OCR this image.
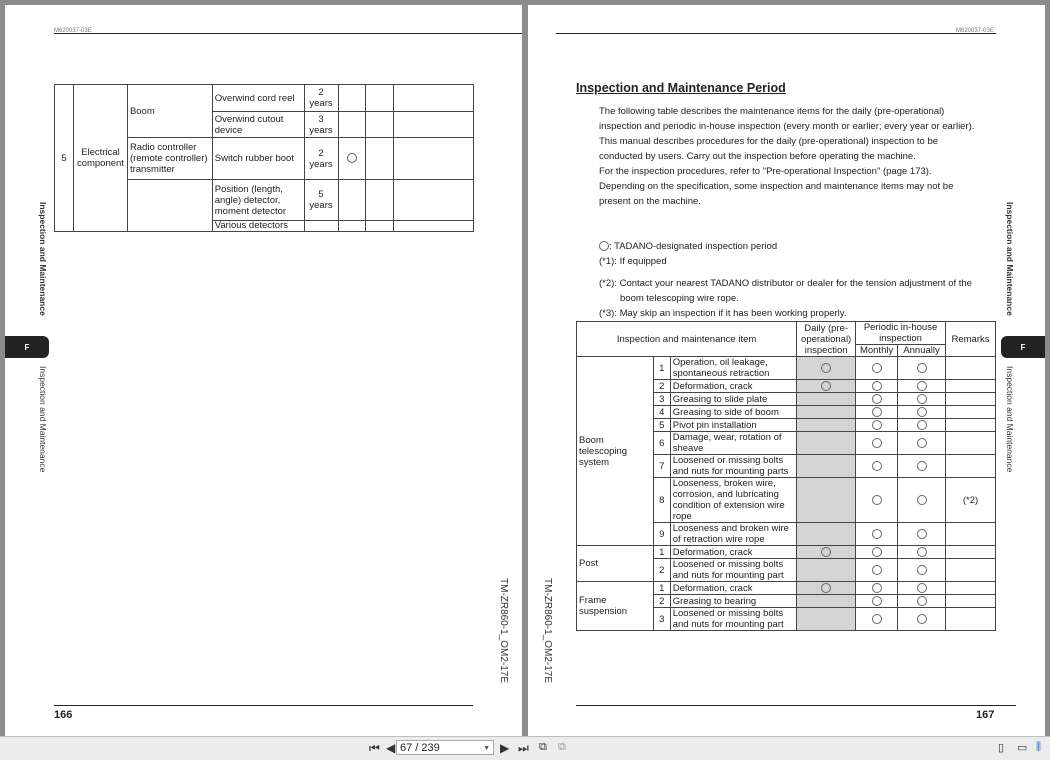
M620037-03E
5	Electrical component	Boom	Overwind cord reel	2 years			
			Overwind cutout device	3 years			
		Radio controller (remote controller) transmitter	Switch rubber boot	2 years			
			Position (length, angle) detector, moment detector	5 years			
			Various detectors				
Inspection and Maintenance
F
Inspection and Maintenance
TM-ZR860-1_OM2-17E
166
M620037-03E
Inspection and Maintenance Period

The following table describes the maintenance items for the daily (pre-operational)

inspection and periodic in-house inspection (every month or earlier; every year or earlier).

This manual describes procedures for the daily (pre-operational) inspection to be

conducted by users. Carry out the inspection before operating the machine.

For the inspection procedures, refer to "Pre-operational Inspection" (page 173).

Depending on the specification, some inspection and maintenance items may not be

present on the machine.

: TADANO-designated inspection period
(*1): If equipped
(*2): Contact your nearest TADANO distributor or dealer for the tension adjustment of the
boom telescoping wire rope.
(*3): May skip an inspection if it has been working properly.
Inspection and maintenance item			Daily (pre-operational) inspection	Periodic in-house inspection		Remarks
				Monthly	Annually	
Boom telescoping system	1	Operation, oil leakage, spontaneous retraction				
	2	Deformation, crack				
	3	Greasing to slide plate				
	4	Greasing to side of boom				
	5	Pivot pin installation				
	6	Damage, wear, rotation of sheave				
	7	Loosened or missing bolts and nuts for mounting parts				
	8	Looseness, broken wire, corrosion, and lubricating condition of extension wire rope				(*2)
	9	Looseness and broken wire of retraction wire rope				
Post	1	Deformation, crack				
	2	Loosened or missing bolts and nuts for mounting part				
Frame suspension	1	Deformation, crack				
	2	Greasing to bearing				
	3	Loosened or missing bolts and nuts for mounting part				
TM-ZR860-1_OM2-17E
Inspection and Maintenance
F
Inspection and Maintenance
167
⏮ ◀ 67 / 239	▼ ▶ ⏭ ⧉ ⧉	▯ ▭ ⫼
